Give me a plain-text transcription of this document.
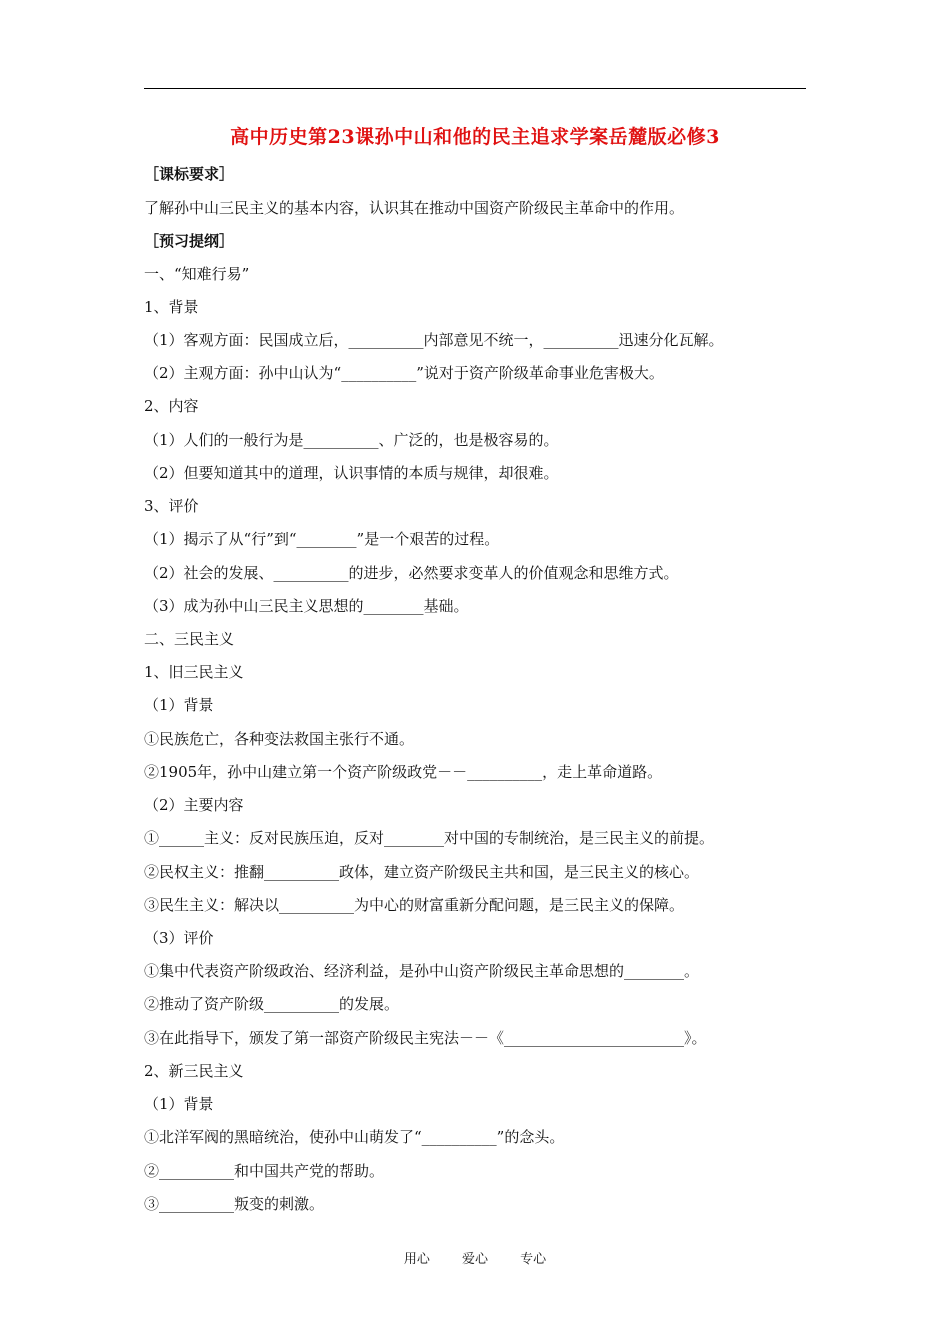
高中历史第23课孙中山和他的民主追求学案岳麓版必修3
［课标要求］
了解孙中山三民主义的基本内容，认识其在推动中国资产阶级民主革命中的作用。
［预习提纲］
一、“知难行易”
1、背景
（1）客观方面：民国成立后，__________内部意见不统一，__________迅速分化瓦解。
（2）主观方面：孙中山认为“__________”说对于资产阶级革命事业危害极大。
2、内容
（1）人们的一般行为是__________、广泛的，也是极容易的。
（2）但要知道其中的道理，认识事情的本质与规律，却很难。
3、评价
（1）揭示了从“行”到“________”是一个艰苦的过程。
（2）社会的发展、__________的进步，必然要求变革人的价值观念和思维方式。
（3）成为孙中山三民主义思想的________基础。
二、三民主义
1、旧三民主义
（1）背景
①民族危亡，各种变法救国主张行不通。
②1905年，孙中山建立第一个资产阶级政党－－__________，走上革命道路。
（2）主要内容
①______主义：反对民族压迫，反对________对中国的专制统治，是三民主义的前提。
②民权主义：推翻__________政体，建立资产阶级民主共和国，是三民主义的核心。
③民生主义：解决以__________为中心的财富重新分配问题，是三民主义的保障。
（3）评价
①集中代表资产阶级政治、经济利益，是孙中山资产阶级民主革命思想的________。
②推动了资产阶级__________的发展。
③在此指导下，颁发了第一部资产阶级民主宪法－－《________________________》。
2、新三民主义
（1）背景
①北洋军阀的黑暗统治，使孙中山萌发了“__________”的念头。
②__________和中国共产党的帮助。
③__________叛变的刺激。
用心 爱心 专心
